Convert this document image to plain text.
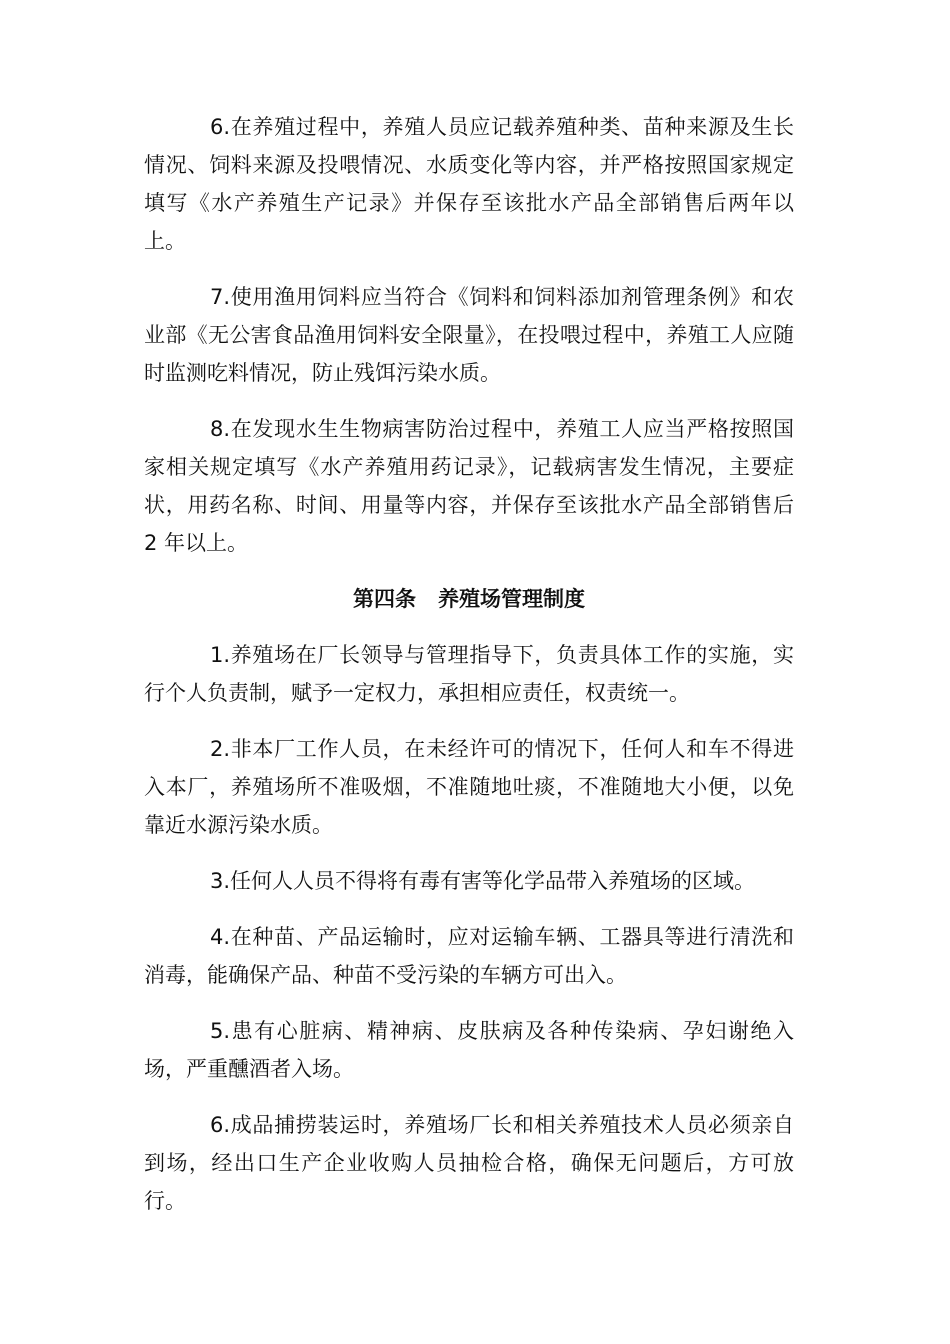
6.在养殖过程中，养殖人员应记载养殖种类、苗种来源及生长情况、饲料来源及投喂情况、水质变化等内容，并严格按照国家规定填写《水产养殖生产记录》并保存至该批水产品全部销售后两年以上。

7.使用渔用饲料应当符合《饲料和饲料添加剂管理条例》和农业部《无公害食品渔用饲料安全限量》，在投喂过程中，养殖工人应随时监测吃料情况，防止残饵污染水质。

8.在发现水生生物病害防治过程中，养殖工人应当严格按照国家相关规定填写《水产养殖用药记录》，记载病害发生情况，主要症状，用药名称、时间、用量等内容，并保存至该批水产品全部销售后 2 年以上。

第四条   养殖场管理制度

1.养殖场在厂长领导与管理指导下，负责具体工作的实施，实行个人负责制，赋予一定权力，承担相应责任，权责统一。

2.非本厂工作人员，在未经许可的情况下，任何人和车不得进入本厂，养殖场所不准吸烟，不准随地吐痰，不准随地大小便，以免靠近水源污染水质。

3.任何人人员不得将有毒有害等化学品带入养殖场的区域。

4.在种苗、产品运输时，应对运输车辆、工器具等进行清洗和消毒，能确保产品、种苗不受污染的车辆方可出入。

5.患有心脏病、精神病、皮肤病及各种传染病、孕妇谢绝入场，严重醺酒者入场。

6.成品捕捞装运时，养殖场厂长和相关养殖技术人员必须亲自到场，经出口生产企业收购人员抽检合格，确保无问题后，方可放行。
